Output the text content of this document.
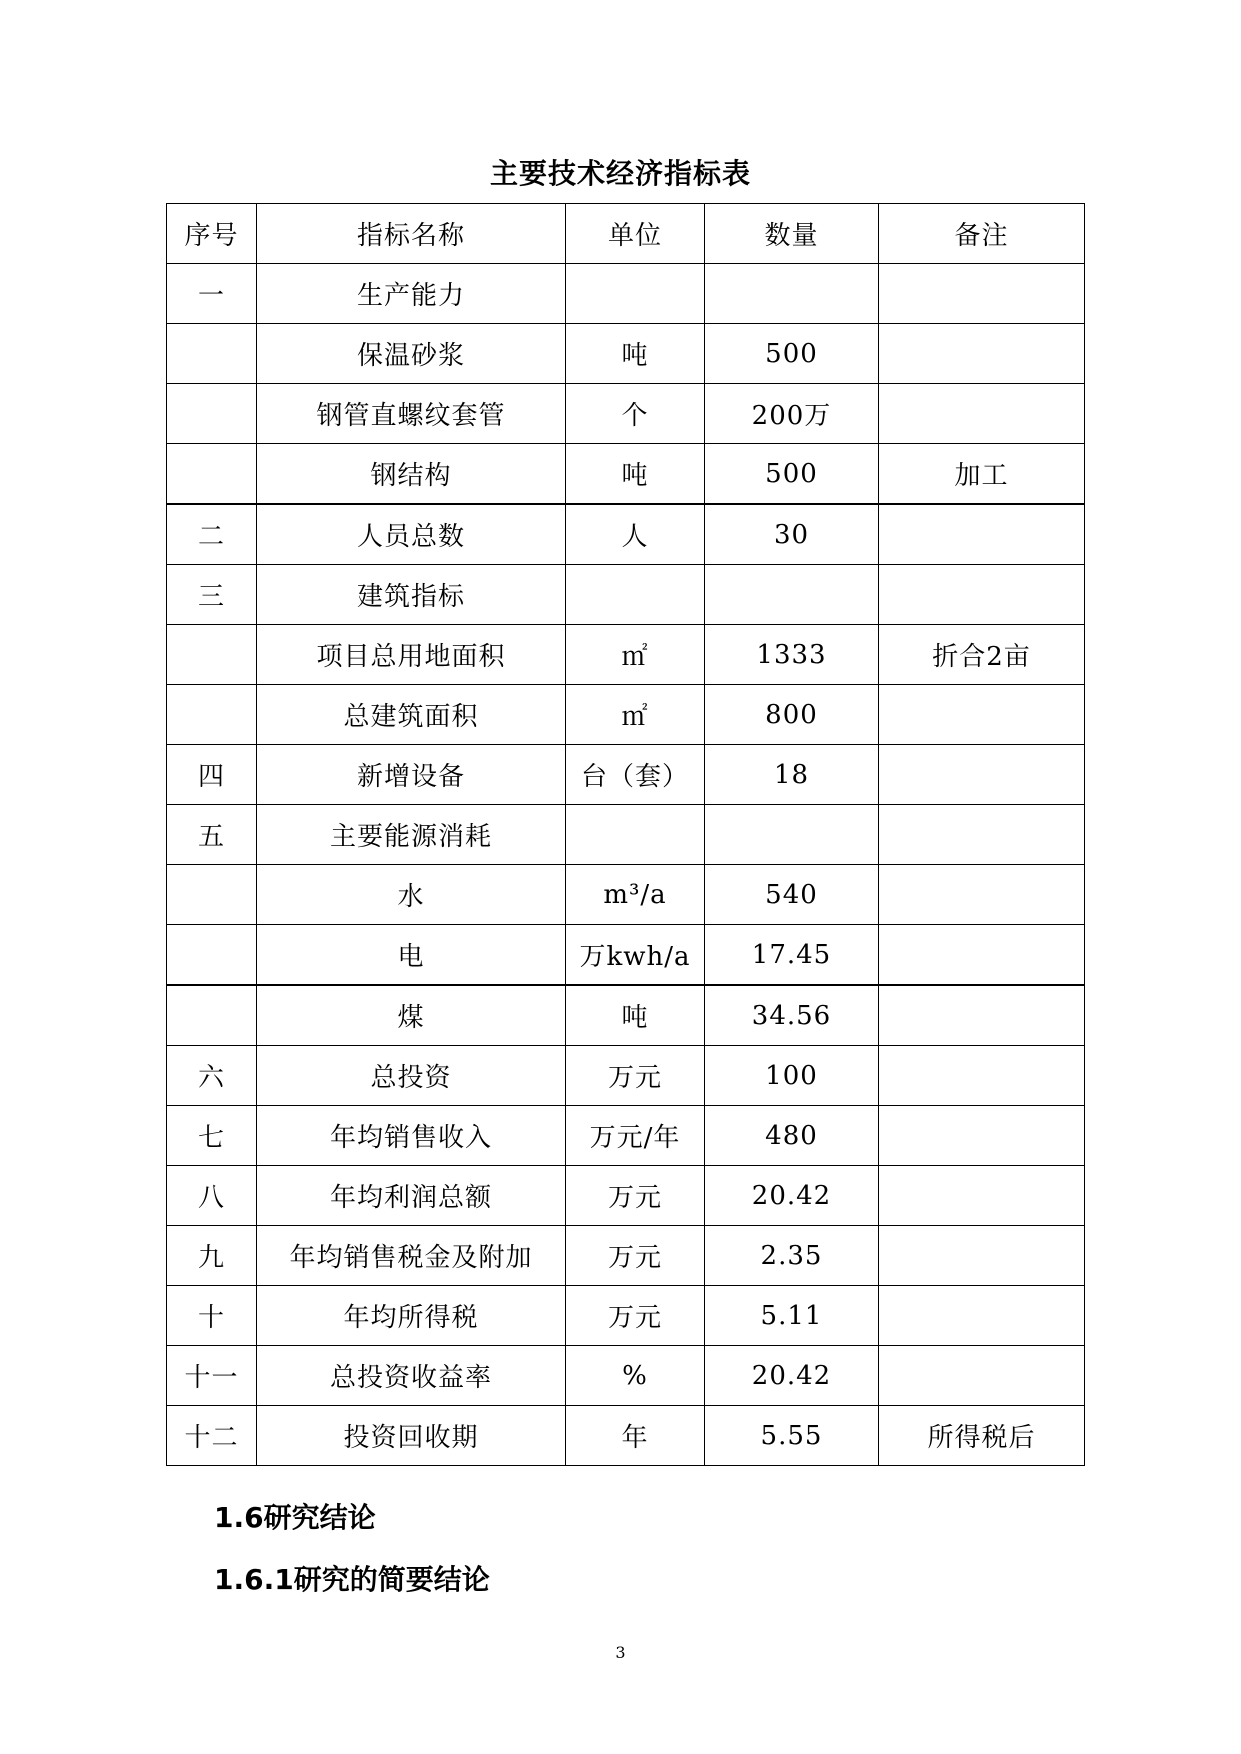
主要技术经济指标表
序号	指标名称	单位	数量	备注
一	生产能力			
	保温砂浆	吨	500	
	钢管直螺纹套管	个	200万	
	钢结构	吨	500	加工
二	人员总数	人	30	
三	建筑指标			
	项目总用地面积	㎡	1333	折合2亩
	总建筑面积	㎡	800	
四	新增设备	台（套）	18	
五	主要能源消耗			
	水	m³/a	540	
	电	万kwh/a	17.45	
	煤	吨	34.56	
六	总投资	万元	100	
七	年均销售收入	万元/年	480	
八	年均利润总额	万元	20.42	
九	年均销售税金及附加	万元	2.35	
十	年均所得税	万元	5.11	
十一	总投资收益率	%	20.42	
十二	投资回收期	年	5.55	所得税后
1.6研究结论
1.6.1研究的简要结论
3
